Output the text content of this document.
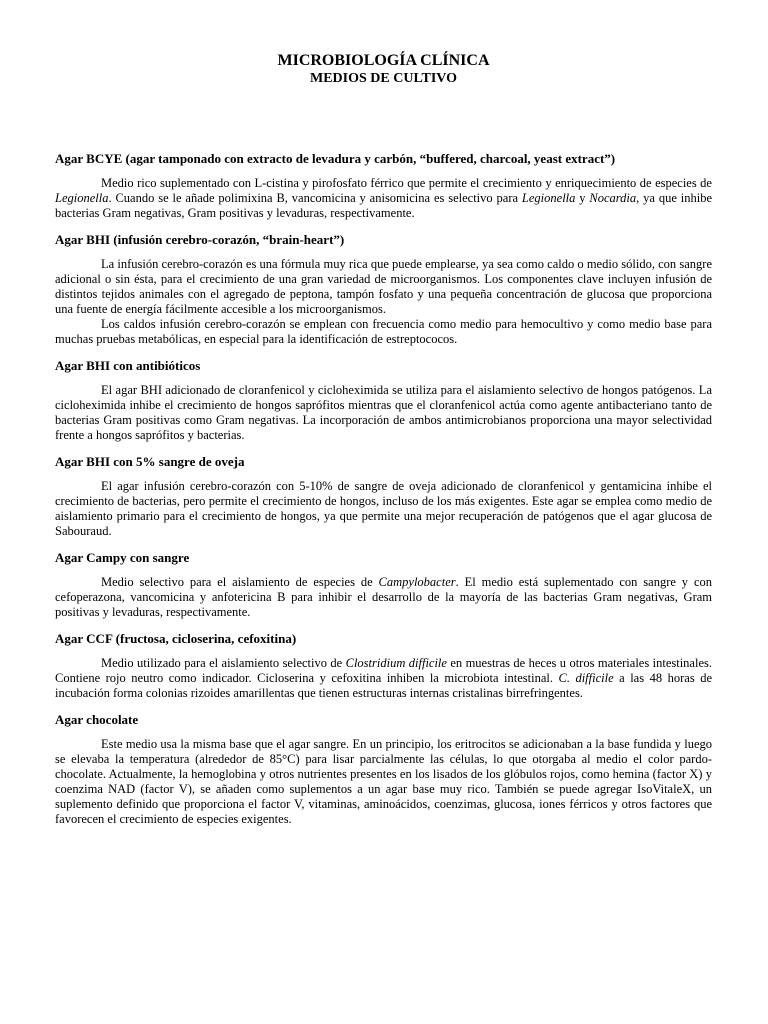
MICROBIOLOGÍA CLÍNICA
MEDIOS DE CULTIVO
Agar BCYE (agar tamponado con extracto de levadura y carbón, “buffered, charcoal, yeast extract”)

Medio rico suplementado con L-cistina y pirofosfato férrico que permite el crecimiento y enriquecimiento de especies de Legionella. Cuando se le añade polimixina B, vancomicina y anisomicina es selectivo para Legionella y Nocardia, ya que inhibe bacterias Gram negativas, Gram positivas y levaduras, respectivamente.

Agar BHI (infusión cerebro-corazón, “brain-heart”)

La infusión cerebro-corazón es una fórmula muy rica que puede emplearse, ya sea como caldo o medio sólido, con sangre adicional o sin ésta, para el crecimiento de una gran variedad de microorganismos. Los componentes clave incluyen infusión de distintos tejidos animales con el agregado de peptona, tampón fosfato y una pequeña concentración de glucosa que proporciona una fuente de energía fácilmente accesible a los microorganismos.

Los caldos infusión cerebro-corazón se emplean con frecuencia como medio para hemocultivo y como medio base para muchas pruebas metabólicas, en especial para la identificación de estreptococos.

Agar BHI con antibióticos

El agar BHI adicionado de cloranfenicol y cicloheximida se utiliza para el aislamiento selectivo de hongos patógenos. La cicloheximida inhibe el crecimiento de hongos saprófitos mientras que el cloranfenicol actúa como agente antibacteriano tanto de bacterias Gram positivas como Gram negativas. La incorporación de ambos antimicrobianos proporciona una mayor selectividad frente a hongos saprófitos y bacterias.

Agar BHI con 5% sangre de oveja

El agar infusión cerebro-corazón con 5-10% de sangre de oveja adicionado de cloranfenicol y gentamicina inhibe el crecimiento de bacterias, pero permite el crecimiento de hongos, incluso de los más exigentes. Este agar se emplea como medio de aislamiento primario para el crecimiento de hongos, ya que permite una mejor recuperación de patógenos que el agar glucosa de Sabouraud.

Agar Campy con sangre

Medio selectivo para el aislamiento de especies de Campylobacter. El medio está suplementado con sangre y con cefoperazona, vancomicina y anfotericina B para inhibir el desarrollo de la mayoría de las bacterias Gram negativas, Gram positivas y levaduras, respectivamente.

Agar CCF (fructosa, cicloserina, cefoxitina)

Medio utilizado para el aislamiento selectivo de Clostridium difficile en muestras de heces u otros materiales intestinales. Contiene rojo neutro como indicador. Cicloserina y cefoxitina inhiben la microbiota intestinal. C. difficile a las 48 horas de incubación forma colonias rizoides amarillentas que tienen estructuras internas cristalinas birrefringentes.

Agar chocolate

Este medio usa la misma base que el agar sangre. En un principio, los eritrocitos se adicionaban a la base fundida y luego se elevaba la temperatura (alrededor de 85°C) para lisar parcialmente las células, lo que otorgaba al medio el color pardo-chocolate. Actualmente, la hemoglobina y otros nutrientes presentes en los lisados de los glóbulos rojos, como hemina (factor X) y coenzima NAD (factor V), se añaden como suplementos a un agar base muy rico. También se puede agregar IsoVitaleX, un suplemento definido que proporciona el factor V, vitaminas, aminoácidos, coenzimas, glucosa, iones férricos y otros factores que favorecen el crecimiento de especies exigentes.
